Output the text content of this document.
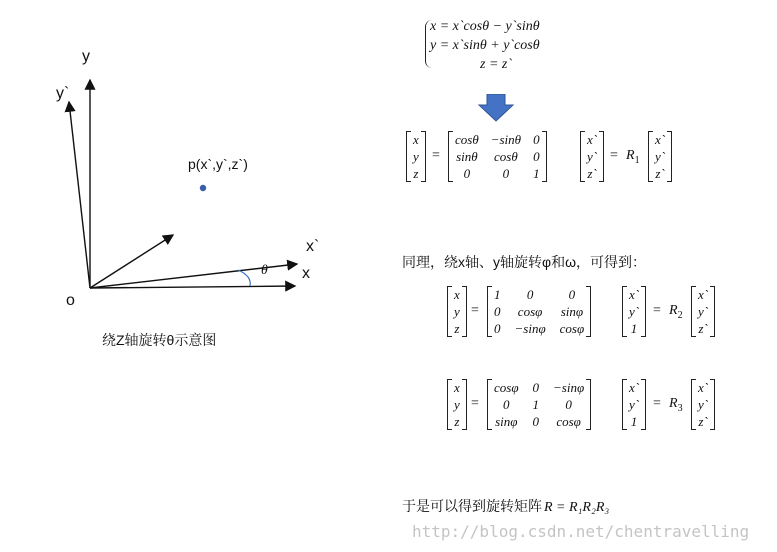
y
y`
x
x`
o
θ
p(x`,y`,z`)
绕Z轴旋转θ示意图
x = x`cosθ − y`sinθ
y = x`sinθ + y`cosθ
z = z`
x
y
z
=
cosθ −sinθ 0
sinθ cosθ 0
0	0	1
x`
y`
z`
= $R_1$
x`
y`
z`
同理，绕x轴、y轴旋转φ和ω，可得到：
x
y
z
=
1	0	0
0 cosφ sinφ
0 −sinφ cosφ
x`
y`
1
= $R_2$
x`
y`
z`
x
y
z
=
cosφ 0 −sinφ
0	1	0
sinφ 0 cosφ
x`
y`
1
= $R_3$
x`
y`
z`
于是可以得到旋转矩阵 R = R₁R₂R₃
http://blog.csdn.net/chentravelling
